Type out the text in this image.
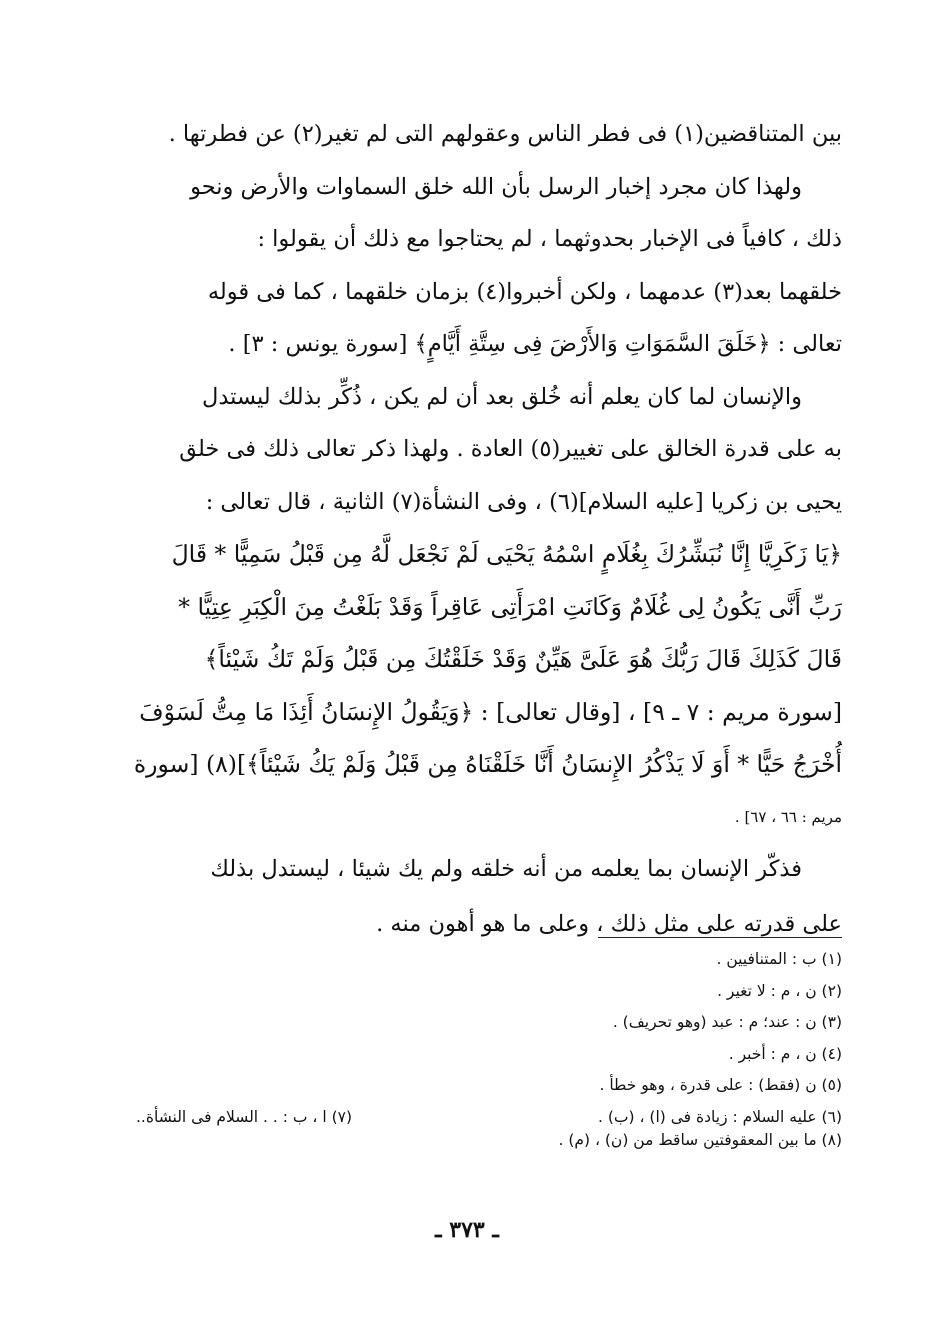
بين المتناقضين(١) فى فطر الناس وعقولهم التى لم تغير(٢) عن فطرتها .
ولهذا كان مجرد إخبار الرسل بأن الله خلق السماوات والأرض ونحو
ذلك ، كافياً فى الإخبار بحدوثهما ، لم يحتاجوا مع ذلك أن يقولوا :
خلقهما بعد(٣) عدمهما ، ولكن أخبروا(٤) بزمان خلقهما ، كما فى قوله
تعالى : ﴿خَلَقَ السَّمَوَاتِ وَالأَرْضَ فِى سِتَّةِ أَيَّامٍ﴾ [سورة يونس : ٣] .
والإنسان لما كان يعلم أنه خُلق بعد أن لم يكن ، ذُكِّر بذلك ليستدل
به على قدرة الخالق على تغيير(٥) العادة . ولهذا ذكر تعالى ذلك فى خلق
يحيى بن زكريا [عليه السلام](٦) ، وفى النشأة(٧) الثانية ، قال تعالى :
﴿يَا زَكَرِيَّا إِنَّا نُبَشِّرُكَ بِغُلَامٍ اسْمُهُ يَحْيَى لَمْ نَجْعَل لَّهُ مِن قَبْلُ سَمِيًّا * قَالَ
رَبِّ أَنَّى يَكُونُ لِى غُلَامٌ وَكَانَتِ امْرَأَتِى عَاقِراً وَقَدْ بَلَغْتُ مِنَ الْكِبَرِ عِتِيًّا *
قَالَ كَذَلِكَ قَالَ رَبُّكَ هُوَ عَلَىَّ هَيِّنٌ وَقَدْ خَلَقْتُكَ مِن قَبْلُ وَلَمْ تَكُ شَيْئاً﴾
[سورة مريم : ٧ ـ ٩] ، [وقال تعالى] : ﴿وَيَقُولُ الإِنسَانُ أَئِذَا مَا مِتُّ لَسَوْفَ
أُخْرَجُ حَيًّا * أَوَ لَا يَذْكُرُ الإِنسَانُ أَنَّا خَلَقْنَاهُ مِن قَبْلُ وَلَمْ يَكُ شَيْئاً﴾](٨) [سورة
مريم : ٦٦ ، ٦٧] .
فذكّر الإنسان بما يعلمه من أنه خلقه ولم يك شيئا ، ليستدل بذلك
على قدرته على مثل ذلك ، وعلى ما هو أهون منه .
(١) ب : المتنافيين .
(٢) ن ، م : لا تغير .
(٣) ن : عند؛ م : عبد (وهو تحريف) .
(٤) ن ، م : أخبر .
(٥) ن (فقط) : على قدرة ، وهو خطأ .
(٦) عليه السلام : زيادة فى (ا) ، (ب) .
(٧) ا ، ب : . . السلام فى النشأة..
(٨) ما بين المعقوفتين ساقط من (ن) ، (م) .
ـ ٣٧٣ ـ
